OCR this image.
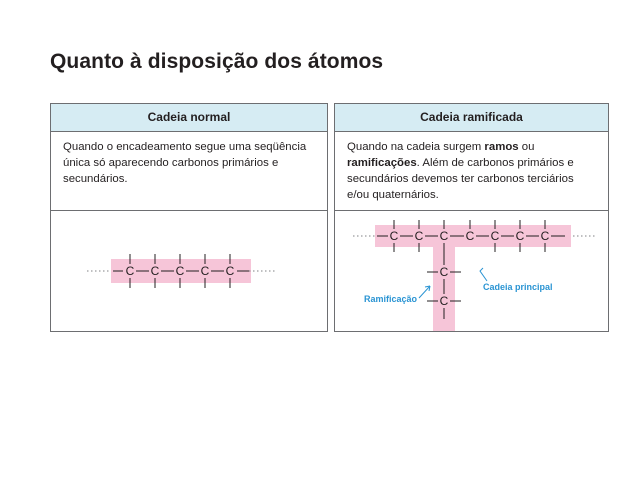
Quanto à disposição dos átomos
Cadeia normal
Quando o encadeamento segue uma seqüência única só aparecendo carbonos primários e secundários.
C C C C C
Cadeia ramificada
Quando na cadeia surgem ramos ou ramificações. Além de carbonos primários e secundários devemos ter carbonos terciários e/ou quaternários.
C C C C C C C
C
C
Ramificação
Cadeia principal
